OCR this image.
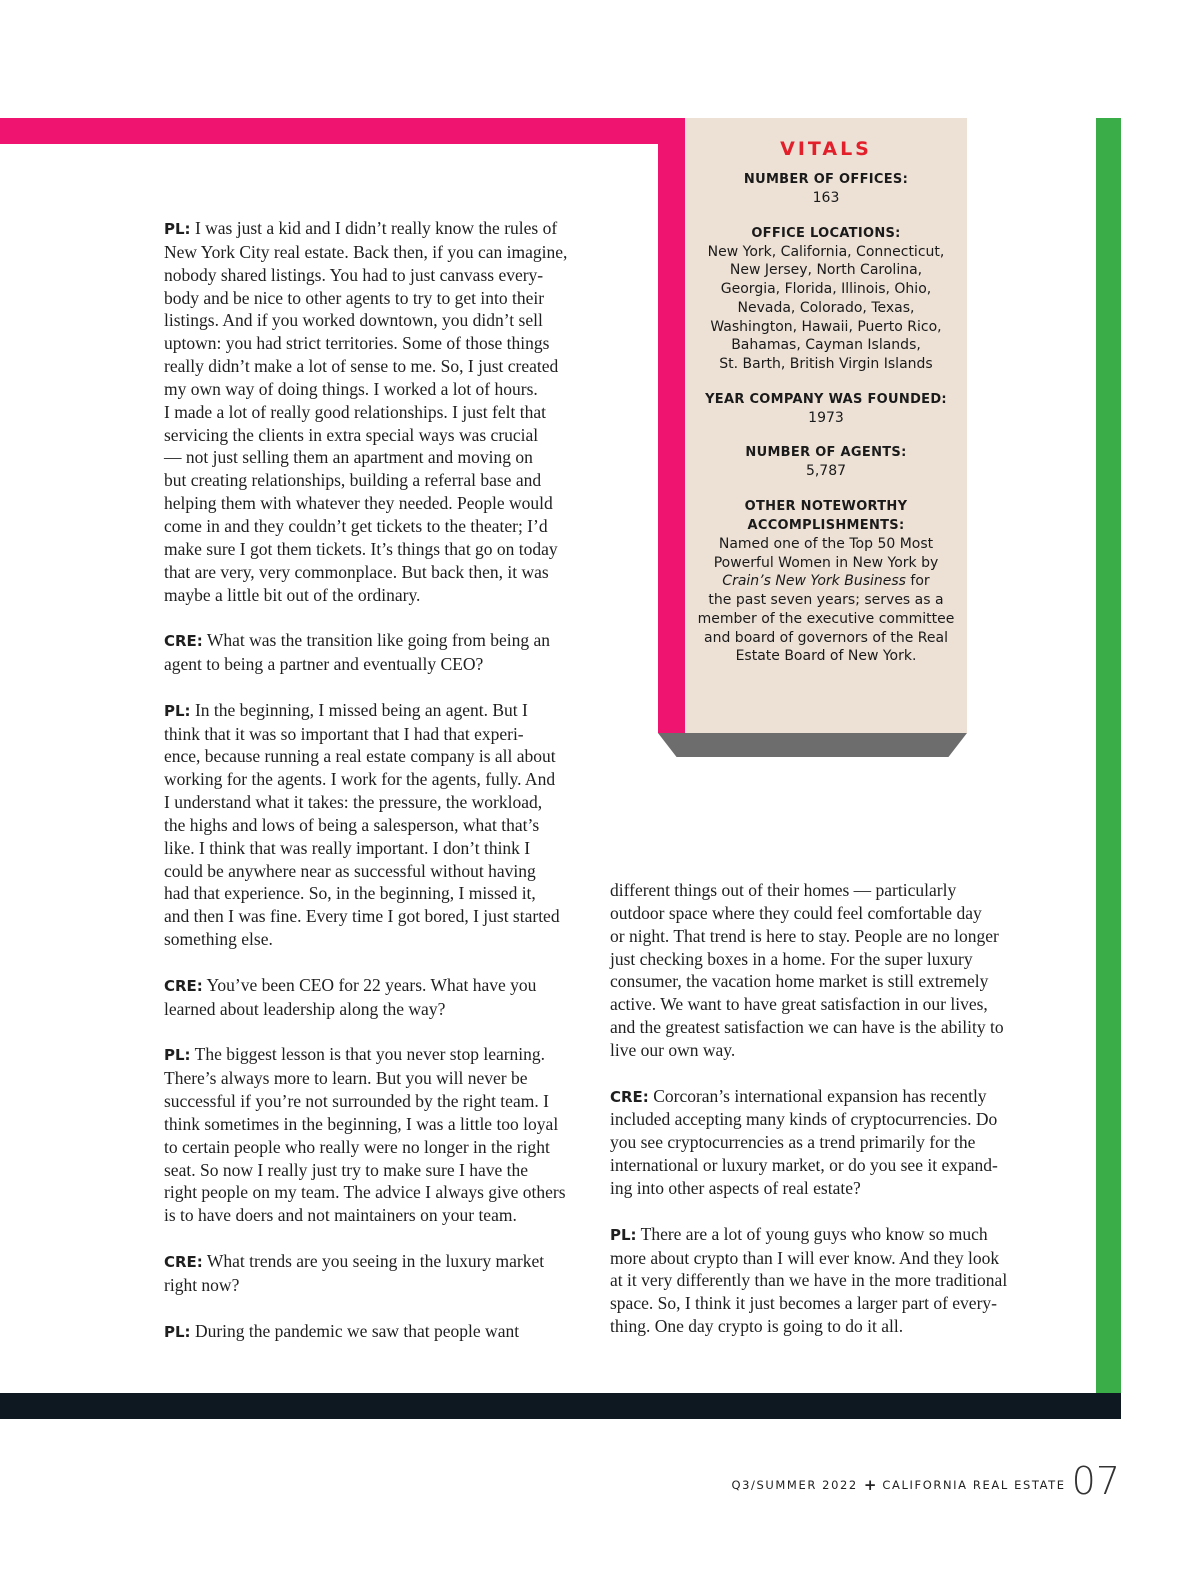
VITALS
NUMBER OF OFFICES:
163
OFFICE LOCATIONS:
New York, California, Connecticut,
New Jersey, North Carolina,
Georgia, Florida, Illinois, Ohio,
Nevada, Colorado, Texas,
Washington, Hawaii, Puerto Rico,
Bahamas, Cayman Islands,
St. Barth, British Virgin Islands
YEAR COMPANY WAS FOUNDED:
1973
NUMBER OF AGENTS:
5,787
OTHER NOTEWORTHY
ACCOMPLISHMENTS:
Named one of the Top 50 Most
Powerful Women in New York by
Crain’s New York Business for
the past seven years; serves as a
member of the executive committee
and board of governors of the Real
Estate Board of New York.

PL: I was just a kid and I didn’t really know the rules of
New York City real estate. Back then, if you can imagine,
nobody shared listings. You had to just canvass every-
body and be nice to other agents to try to get into their
listings. And if you worked downtown, you didn’t sell
uptown: you had strict territories. Some of those things
really didn’t make a lot of sense to me. So, I just created
my own way of doing things. I worked a lot of hours.
I made a lot of really good relationships. I just felt that
servicing the clients in extra special ways was crucial
— not just selling them an apartment and moving on
but creating relationships, building a referral base and
helping them with whatever they needed. People would
come in and they couldn’t get tickets to the theater; I’d
make sure I got them tickets. It’s things that go on today
that are very, very commonplace. But back then, it was
maybe a little bit out of the ordinary.

CRE: What was the transition like going from being an
agent to being a partner and eventually CEO?

PL: In the beginning, I missed being an agent. But I
think that it was so important that I had that experi-
ence, because running a real estate company is all about
working for the agents. I work for the agents, fully. And
I understand what it takes: the pressure, the workload,
the highs and lows of being a salesperson, what that’s
like. I think that was really important. I don’t think I
could be anywhere near as successful without having
had that experience. So, in the beginning, I missed it,
and then I was fine. Every time I got bored, I just started
something else.

CRE: You’ve been CEO for 22 years. What have you
learned about leadership along the way?

PL: The biggest lesson is that you never stop learning.
There’s always more to learn. But you will never be
successful if you’re not surrounded by the right team. I
think sometimes in the beginning, I was a little too loyal
to certain people who really were no longer in the right
seat. So now I really just try to make sure I have the
right people on my team. The advice I always give others
is to have doers and not maintainers on your team.

CRE: What trends are you seeing in the luxury market
right now?

PL: During the pandemic we saw that people want

different things out of their homes — particularly
outdoor space where they could feel comfortable day
or night. That trend is here to stay. People are no longer
just checking boxes in a home. For the super luxury
consumer, the vacation home market is still extremely
active. We want to have great satisfaction in our lives,
and the greatest satisfaction we can have is the ability to
live our own way.

CRE: Corcoran’s international expansion has recently
included accepting many kinds of cryptocurrencies. Do
you see cryptocurrencies as a trend primarily for the
international or luxury market, or do you see it expand-
ing into other aspects of real estate?

PL: There are a lot of young guys who know so much
more about crypto than I will ever know. And they look
at it very differently than we have in the more traditional
space. So, I think it just becomes a larger part of every-
thing. One day crypto is going to do it all.

Q3/SUMMER 2022 + CALIFORNIA REAL ESTATE 07
